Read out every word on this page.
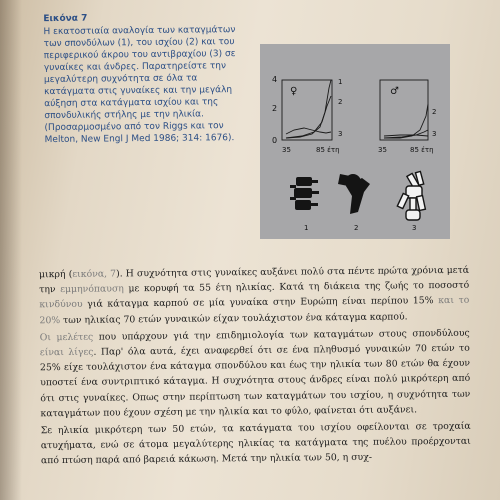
Εικόνα 7

Η εκατοστιαία αναλογία των καταγμάτων των σπονδύλων (1), του ισχίου (2) και του περιφερικού άκρου του αντιβραχίου (3) σε γυναίκες και άνδρες. Παρατηρείστε την μεγαλύτερη συχνότητα σε όλα τα κατάγματα στις γυναίκες και την μεγάλη αύξηση στα κατάγματα ισχίου και της σπονδυλικής στήλης με την ηλικία. (Προσαρμοσμένο από τον Riggs και τον Melton, New Engl J Med 1986; 314: 1676).

4
2
0
♀
1
2
3
35	85 έτη
♂
2
3
35	85 έτη
1	2	3

μικρή (εικόνα, 7). Η συχνότητα στις γυναίκες αυξάνει πολύ στα πέντε πρώτα χρόνια μετά την εμμηνόπαυση με κορυφή τα 55 έτη ηλικίας. Κατά τη διάκεια της ζωής το ποσοστό κινδύνου γιά κάταγμα καρπού σε μία γυναίκα στην Ευρώπη είναι περίπου 15% και το 20% των ηλικίας 70 ετών γυναικών είχαν τουλάχιστον ένα κάταγμα καρπού.

Οι μελέτες που υπάρχουν γιά την επιδημιολογία των καταγμάτων στους σπονδύλους είναι λίγες. Παρ' όλα αυτά, έχει αναφερθεί ότι σε ένα πληθυσμό γυναικών 70 ετών το 25% είχε τουλάχιστον ένα κάταγμα σπονδύλου και έως την ηλικία των 80 ετών θα έχουν υποστεί ένα συντριπτικό κάταγμα. Η συχνότητα στους άνδρες είναι πολύ μικρότερη από ότι στις γυναίκες. Οπως στην περίπτωση των καταγμάτων του ισχίου, η συχνότητα των καταγμάτων που έχουν σχέση με την ηλικία και το φύλο, φαίνεται ότι αυξάνει.

Σε ηλικία μικρότερη των 50 ετών, τα κατάγματα του ισχίου οφείλονται σε τροχαία ατυχήματα, ενώ σε άτομα μεγαλύτερης ηλικίας τα κατάγματα της πυέλου προέρχονται από πτώση παρά από βαρειά κάκωση. Μετά την ηλικία των 50, η συχ-
